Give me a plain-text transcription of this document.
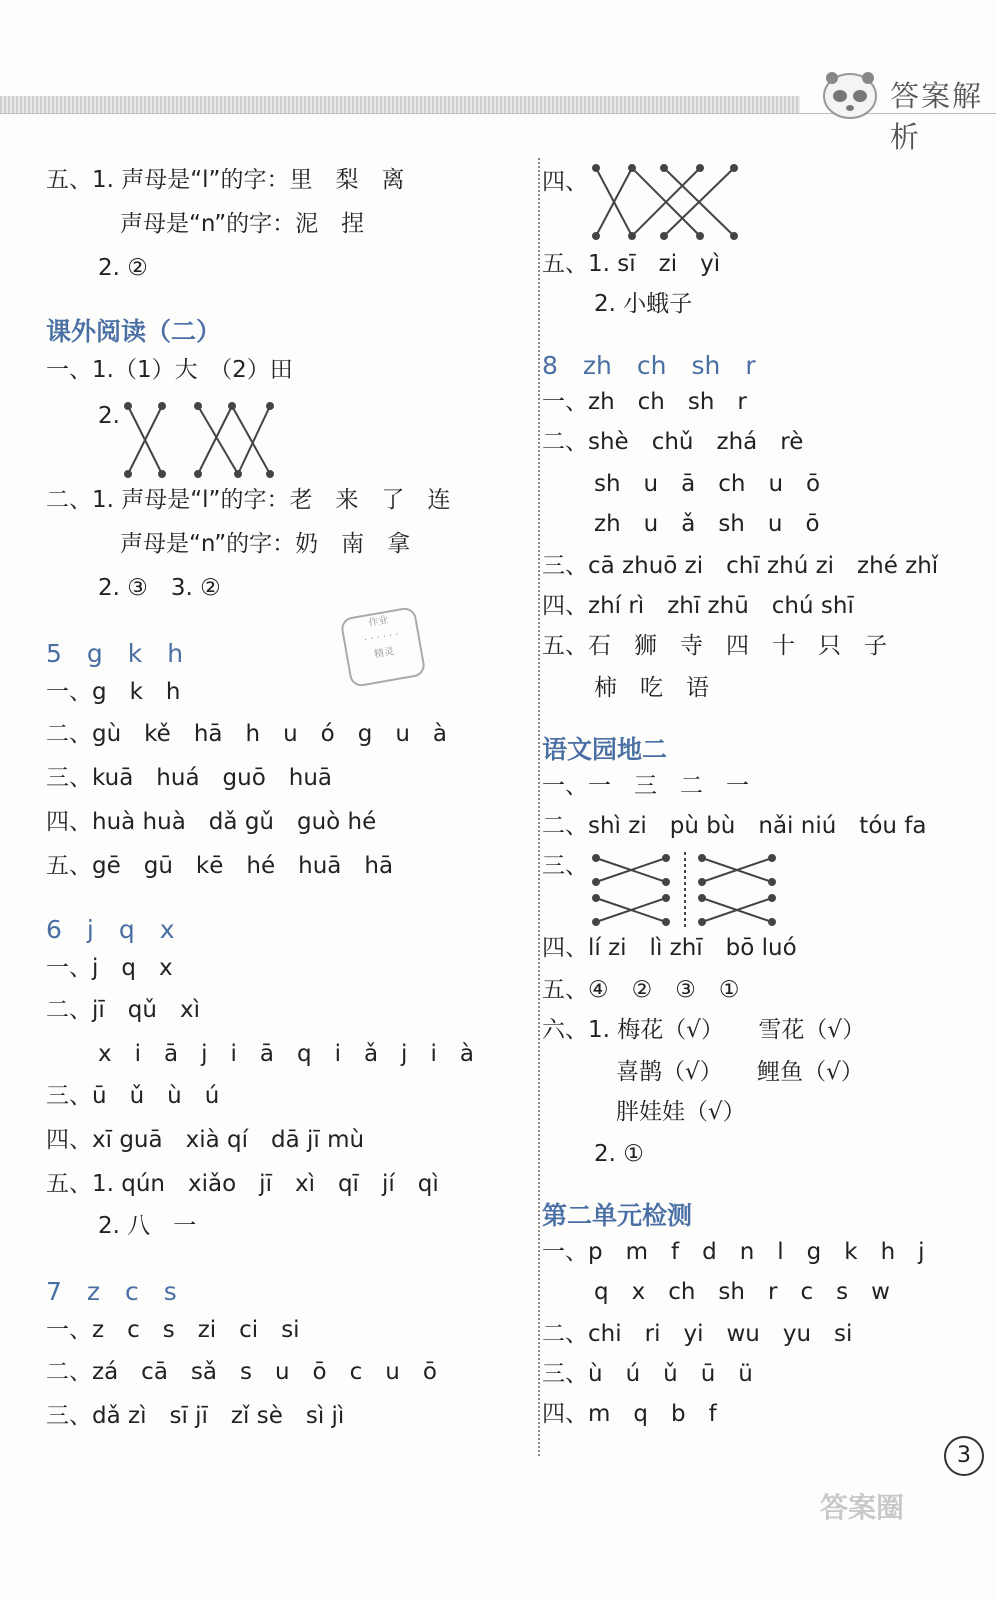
答案解析
五、1. 声母是“l”的字：里　梨　离
声母是“n”的字：泥　捏
2. ②
课外阅读（二）
一、1.（1）大　（2）田
2.
二、1. 声母是“l”的字：老　来　了　连
声母是“n”的字：奶　南　拿
2. ③　3. ②
作业
· · · · · ·
精灵
5　g　k　h
一、g　k　h
二、gù　kě　hā　h　u　ó　g　u　à
三、kuā　huá　guō　huā
四、huà huà　dǎ gǔ　guò hé
五、gē　gū　kē　hé　huā　hā
6　j　q　x
一、j　q　x
二、jī　qǔ　xì
x　i　ā　j　i　ā　q　i　ǎ　j　i　à
三、ū　ǔ　ù　ú
四、xī guā　xià qí　dā jī mù
五、1. qún　xiǎo　jī　xì　qī　jí　qì
2. 八　一
7　z　c　s
一、z　c　s　zi　ci　si
二、zá　cā　sǎ　s　u　ō　c　u　ō
三、dǎ zì　sī jī　zǐ sè　sì jì
四、
五、1. sī　zi　yì
2. 小蛾子
8　zh　ch　sh　r
一、zh　ch　sh　r
二、shè　chǔ　zhá　rè
sh　u　ā　ch　u　ō
zh　u　ǎ　sh　u　ō
三、cā zhuō zi　chī zhú zi　zhé zhǐ
四、zhí rì　zhī zhū　chú shī
五、石　狮　寺　四　十　只　子
柿　吃　语
语文园地二
一、一　三　二　一
二、shì zi　pù bù　nǎi niú　tóu fa
三、
四、lí zi　lì zhī　bō luó
五、④　②　③　①
六、1. 梅花（√）　　雪花（√）
喜鹊（√）　　鲤鱼（√）
胖娃娃（√）
2. ①
第二单元检测
一、p　m　f　d　n　l　g　k　h　j
q　x　ch　sh　r　c　s　w
二、chi　ri　yi　wu　yu　si
三、ù　ú　ǔ　ū　ü
四、m　q　b　f
3
答案圈
